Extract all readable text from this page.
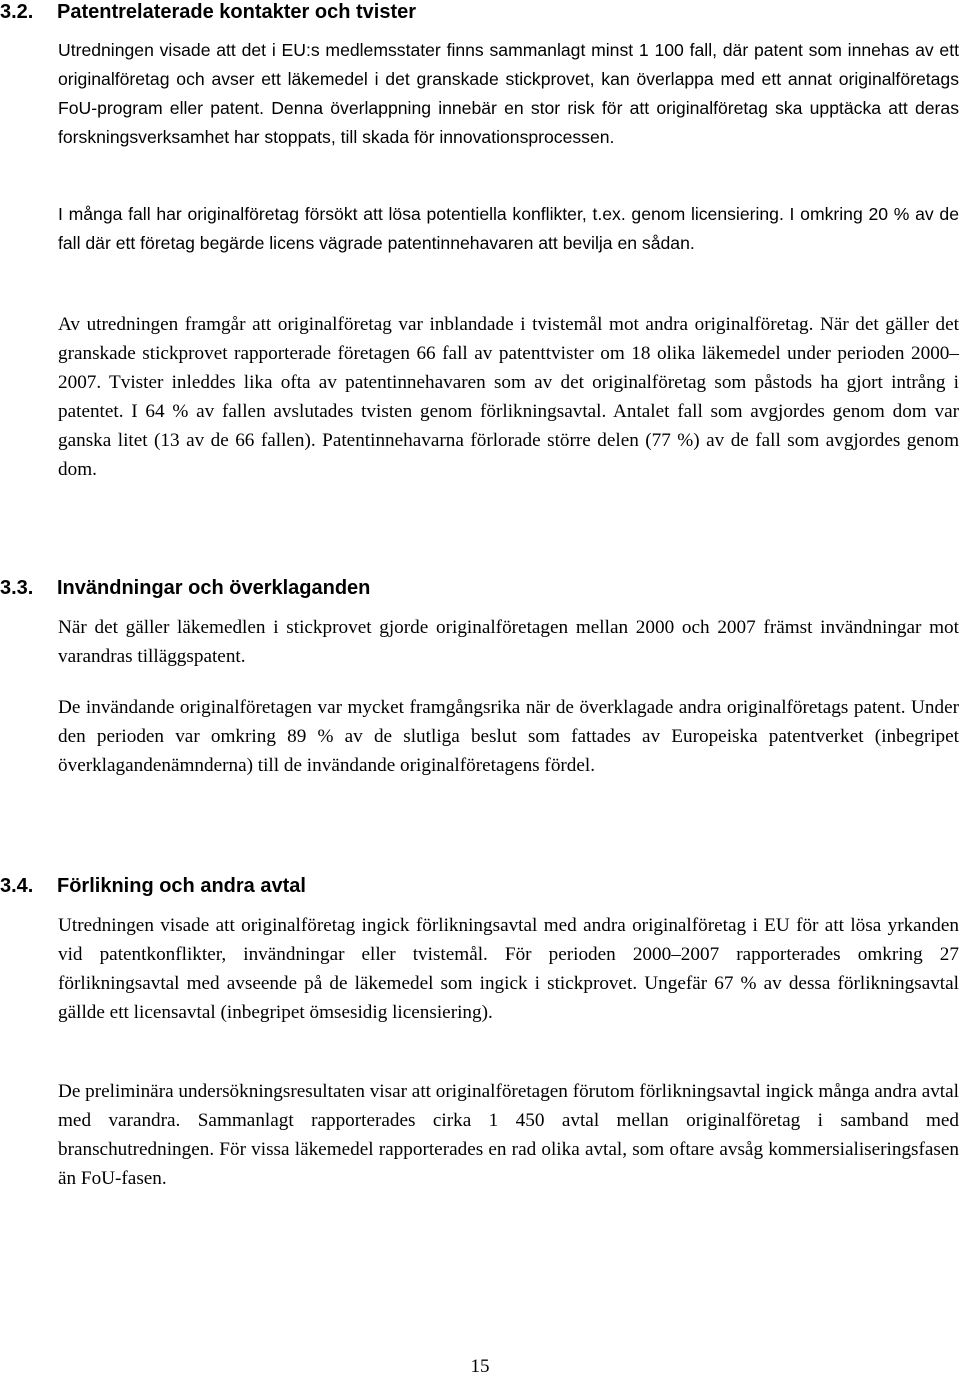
3.2. Patentrelaterade kontakter och tvister

Utredningen visade att det i EU:s medlemsstater finns sammanlagt minst 1 100 fall, där patent som innehas av ett originalföretag och avser ett läkemedel i det granskade stickprovet, kan överlappa med ett annat originalföretags FoU-program eller patent. Denna överlappning innebär en stor risk för att originalföretag ska upptäcka att deras forskningsverksamhet har stoppats, till skada för innovationsprocessen.

I många fall har originalföretag försökt att lösa potentiella konflikter, t.ex. genom licensiering. I omkring 20 % av de fall där ett företag begärde licens vägrade patentinnehavaren att bevilja en sådan.

Av utredningen framgår att originalföretag var inblandade i tvistemål mot andra originalföretag. När det gäller det granskade stickprovet rapporterade företagen 66 fall av patenttvister om 18 olika läkemedel under perioden 2000–2007. Tvister inleddes lika ofta av patentinnehavaren som av det originalföretag som påstods ha gjort intrång i patentet. I 64 % av fallen avslutades tvisten genom förlikningsavtal. Antalet fall som avgjordes genom dom var ganska litet (13 av de 66 fallen). Patentinnehavarna förlorade större delen (77 %) av de fall som avgjordes genom dom.

3.3. Invändningar och överklaganden

När det gäller läkemedlen i stickprovet gjorde originalföretagen mellan 2000 och 2007 främst invändningar mot varandras tilläggspatent.

De invändande originalföretagen var mycket framgångsrika när de överklagade andra originalföretags patent. Under den perioden var omkring 89 % av de slutliga beslut som fattades av Europeiska patentverket (inbegripet överklagandenämnderna) till de invändande originalföretagens fördel.

3.4. Förlikning och andra avtal

Utredningen visade att originalföretag ingick förlikningsavtal med andra originalföretag i EU för att lösa yrkanden vid patentkonflikter, invändningar eller tvistemål. För perioden 2000–2007 rapporterades omkring 27 förlikningsavtal med avseende på de läkemedel som ingick i stickprovet. Ungefär 67 % av dessa förlikningsavtal gällde ett licensavtal (inbegripet ömsesidig licensiering).

De preliminära undersökningsresultaten visar att originalföretagen förutom förlikningsavtal ingick många andra avtal med varandra. Sammanlagt rapporterades cirka 1 450 avtal mellan originalföretag i samband med branschutredningen. För vissa läkemedel rapporterades en rad olika avtal, som oftare avsåg kommersialiseringsfasen än FoU-fasen.

15
